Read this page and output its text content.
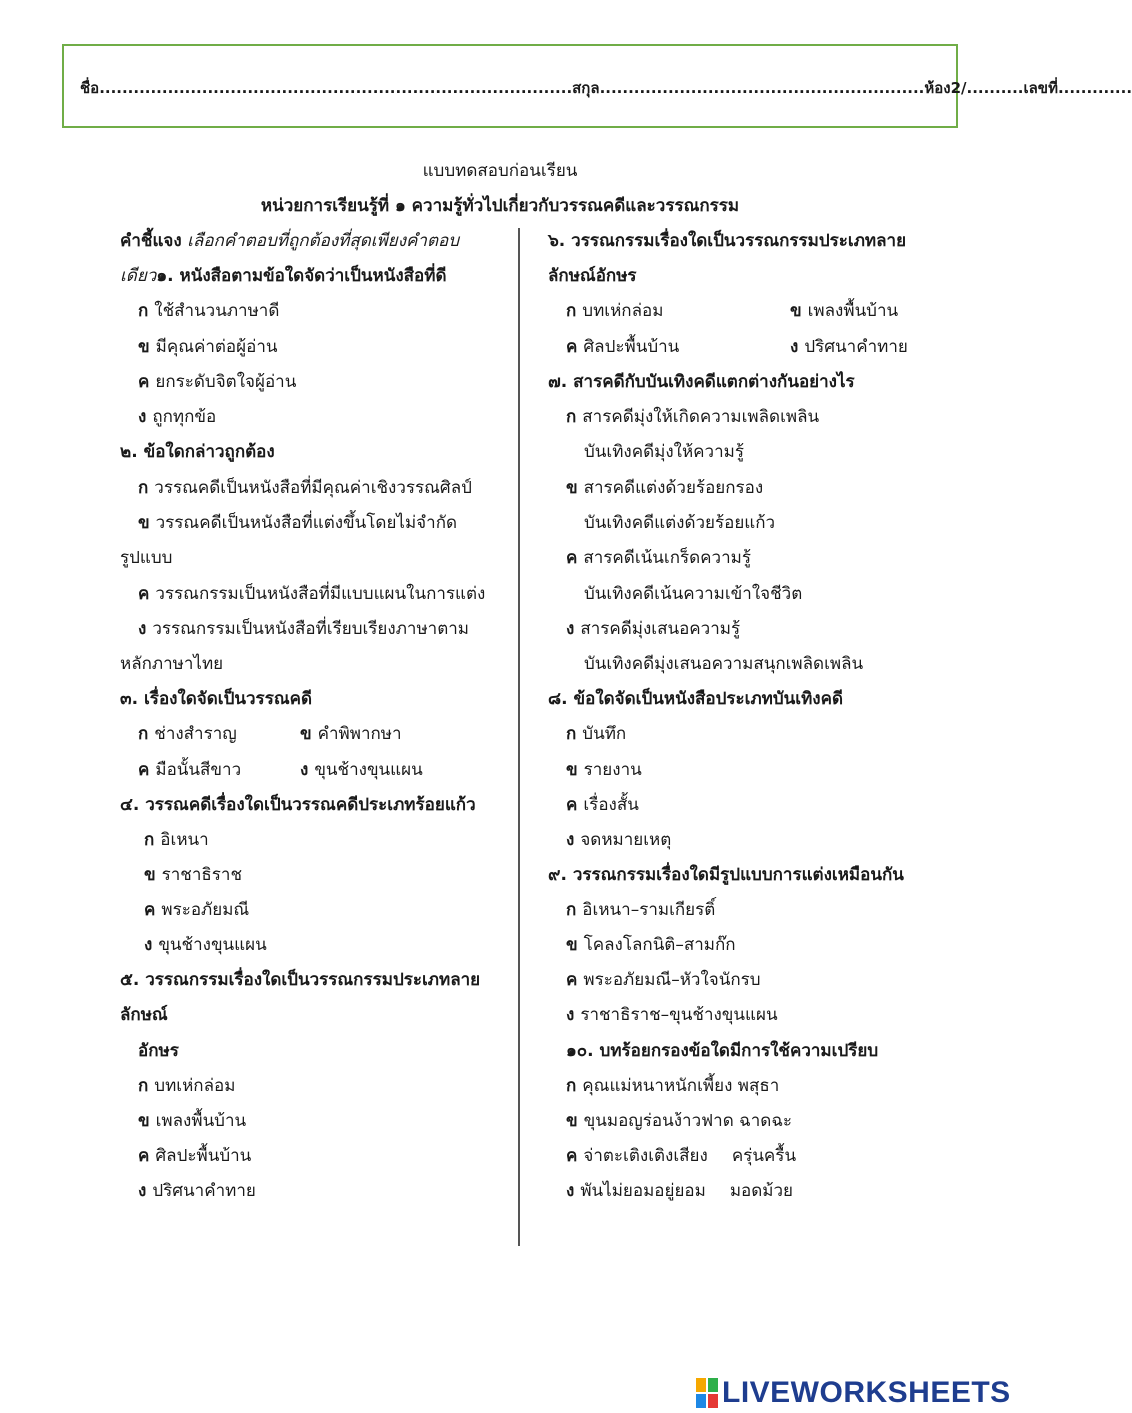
ชื่อ...................................................................................สกุล.........................................................ห้อง2/..........เลขที่.............
แบบทดสอบก่อนเรียน
หน่วยการเรียนรู้ที่ ๑ ความรู้ทั่วไปเกี่ยวกับวรรณคดีและวรรณกรรม
คำชี้แจง เลือกคำตอบที่ถูกต้องที่สุดเพียงคำตอบ
เดียว๑. หนังสือตามข้อใดจัดว่าเป็นหนังสือที่ดี
ก ใช้สำนวนภาษาดี
ข มีคุณค่าต่อผู้อ่าน
ค ยกระดับจิตใจผู้อ่าน
ง ถูกทุกข้อ
๒. ข้อใดกล่าวถูกต้อง
ก วรรณคดีเป็นหนังสือที่มีคุณค่าเชิงวรรณศิลป์
ข วรรณคดีเป็นหนังสือที่แต่งขึ้นโดยไม่จำกัด
รูปแบบ
ค วรรณกรรมเป็นหนังสือที่มีแบบแผนในการแต่ง
ง วรรณกรรมเป็นหนังสือที่เรียบเรียงภาษาตาม
หลักภาษาไทย
๓. เรื่องใดจัดเป็นวรรณคดี
ก ช่างสำราญ	ข คำพิพากษา
ค มือนั้นสีขาว	ง ขุนช้างขุนแผน
๔. วรรณคดีเรื่องใดเป็นวรรณคดีประเภทร้อยแก้ว
ก อิเหนา
ข ราชาธิราช
ค พระอภัยมณี
ง ขุนช้างขุนแผน
๕. วรรณกรรมเรื่องใดเป็นวรรณกรรมประเภทลาย
ลักษณ์
อักษร
ก บทเห่กล่อม
ข เพลงพื้นบ้าน
ค ศิลปะพื้นบ้าน
ง ปริศนาคำทาย
๖. วรรณกรรมเรื่องใดเป็นวรรณกรรมประเภทลาย
ลักษณ์อักษร
ก บทเห่กล่อม	ข เพลงพื้นบ้าน
ค ศิลปะพื้นบ้าน	ง ปริศนาคำทาย
๗. สารคดีกับบันเทิงคดีแตกต่างกันอย่างไร
ก สารคดีมุ่งให้เกิดความเพลิดเพลิน
บันเทิงคดีมุ่งให้ความรู้
ข สารคดีแต่งด้วยร้อยกรอง
บันเทิงคดีแต่งด้วยร้อยแก้ว
ค สารคดีเน้นเกร็ดความรู้
บันเทิงคดีเน้นความเข้าใจชีวิต
ง สารคดีมุ่งเสนอความรู้
บันเทิงคดีมุ่งเสนอความสนุกเพลิดเพลิน
๘. ข้อใดจัดเป็นหนังสือประเภทบันเทิงคดี
ก บันทึก
ข รายงาน
ค เรื่องสั้น
ง จดหมายเหตุ
๙. วรรณกรรมเรื่องใดมีรูปแบบการแต่งเหมือนกัน
ก อิเหนา–รามเกียรติ์
ข โคลงโลกนิติ–สามก๊ก
ค พระอภัยมณี–หัวใจนักรบ
ง ราชาธิราช–ขุนช้างขุนแผน
๑๐. บทร้อยกรองข้อใดมีการใช้ความเปรียบ
ก คุณแม่หนาหนักเพี้ยง พสุธา
ข ขุนมอญร่อนง้าวฟาด ฉาดฉะ
ค จ่าตะเติงเติงเสียง ครุ่นครื้น
ง พันไม่ยอมอยู่ยอม มอดม้วย
LIVEWORKSHEETS
